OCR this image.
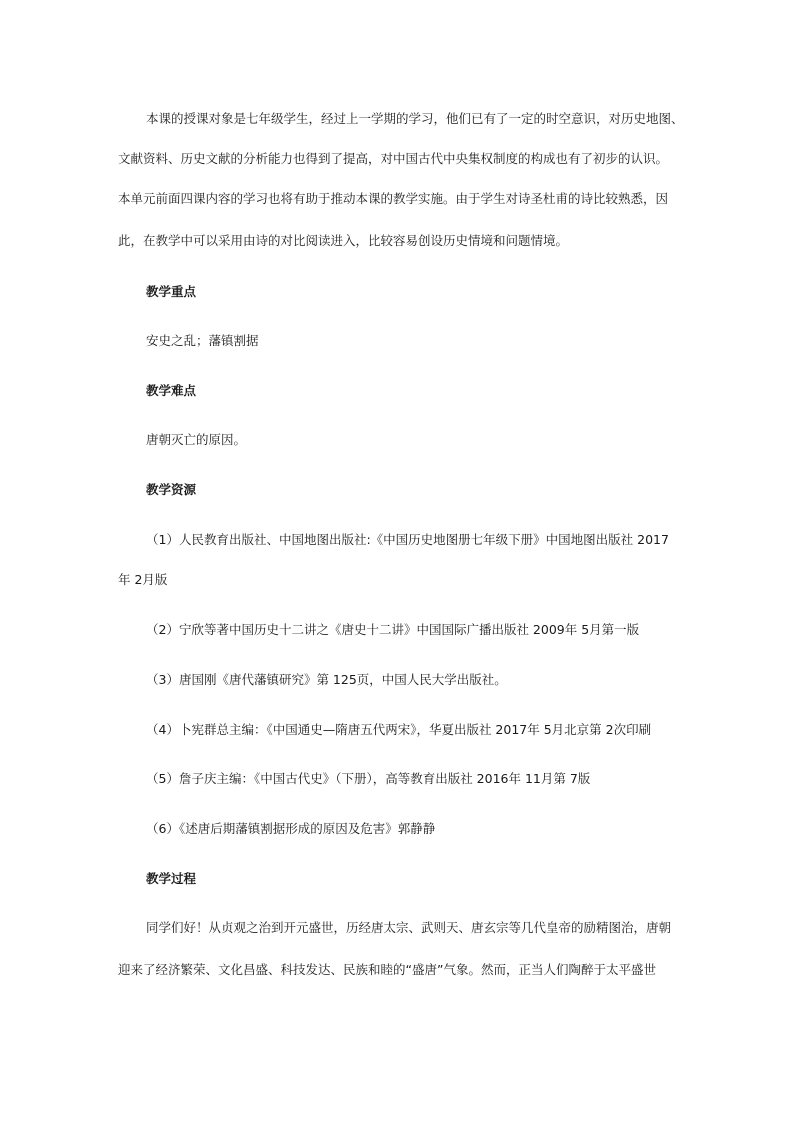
本课的授课对象是七年级学生，经过上一学期的学习，他们已有了一定的时空意识，对历史地图、
文献资料、历史文献的分析能力也得到了提高，对中国古代中央集权制度的构成也有了初步的认识。
本单元前面四课内容的学习也将有助于推动本课的教学实施。由于学生对诗圣杜甫的诗比较熟悉，因
此，在教学中可以采用由诗的对比阅读进入，比较容易创设历史情境和问题情境。
教学重点
安史之乱；藩镇割据
教学难点
唐朝灭亡的原因。
教学资源
（1）人民教育出版社、中国地图出版社:《中国历史地图册七年级下册》中国地图出版社 2017
年 2月版
（2）宁欣等著中国历史十二讲之《唐史十二讲》中国国际广播出版社 2009年 5月第一版
（3）唐国刚《唐代藩镇研究》第 125页，中国人民大学出版社。
（4）卜宪群总主编：《中国通史—隋唐五代两宋》，华夏出版社 2017年 5月北京第 2次印刷
（5）詹子庆主编：《中国古代史》（下册），高等教育出版社 2016年 11月第 7版
（6）《述唐后期藩镇割据形成的原因及危害》郭静静
教学过程
同学们好！从贞观之治到开元盛世，历经唐太宗、武则天、唐玄宗等几代皇帝的励精图治，唐朝
迎来了经济繁荣、文化昌盛、科技发达、民族和睦的“盛唐”气象。然而，正当人们陶醉于太平盛世
